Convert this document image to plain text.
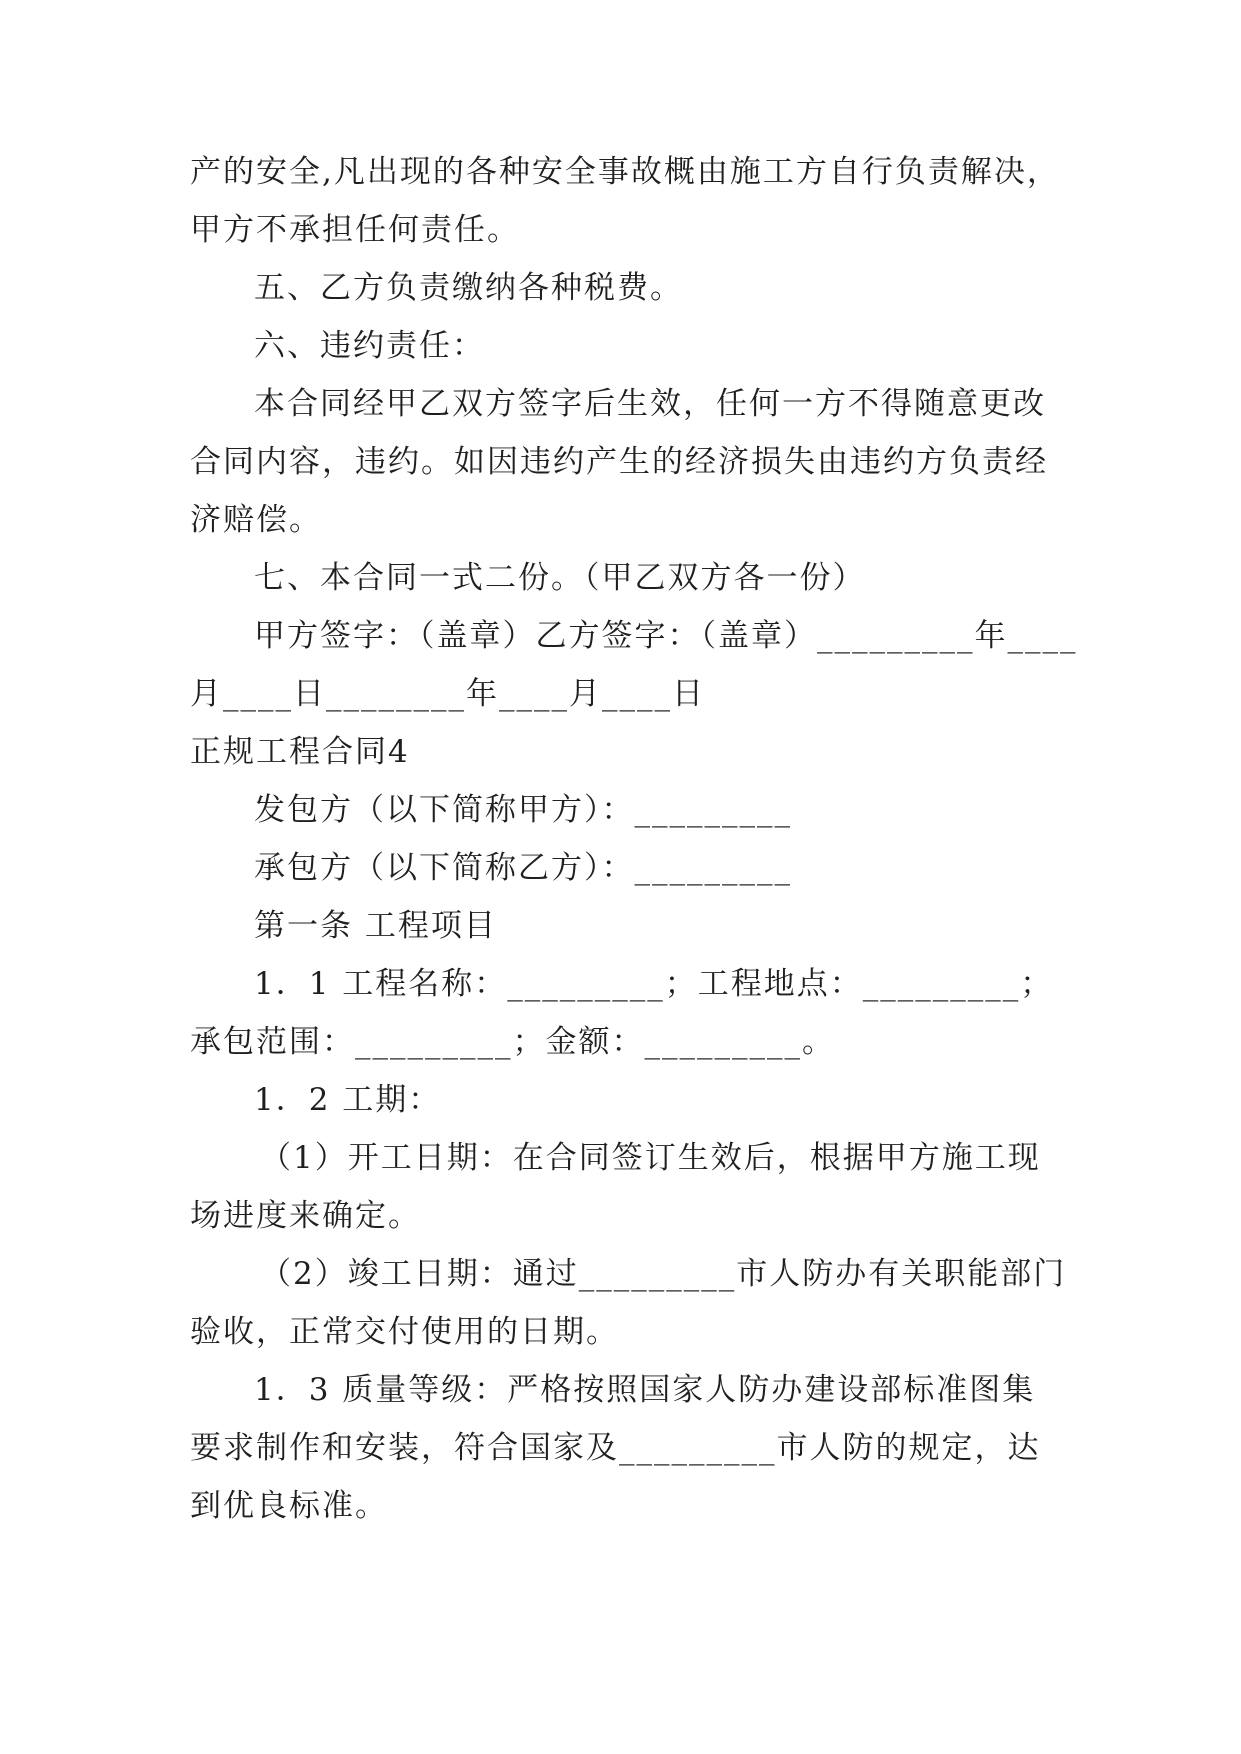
产的安全,凡出现的各种安全事故概由施工方自行负责解决，
甲方不承担任何责任。
五、乙方负责缴纳各种税费。
六、违约责任：
本合同经甲乙双方签字后生效，任何一方不得随意更改
合同内容，违约。如因违约产生的经济损失由违约方负责经
济赔偿。
七、本合同一式二份。（甲乙双方各一份）
甲方签字：（盖章）乙方签字：（盖章）_________年____
月____日________年____月____日
正规工程合同4
发包方（以下简称甲方）：_________
承包方（以下简称乙方）：_________
第一条 工程项目
1．1 工程名称：_________；工程地点：_________；
承包范围：_________；金额：_________。
1．2 工期：
（1）开工日期：在合同签订生效后，根据甲方施工现
场进度来确定。
（2）竣工日期：通过_________市人防办有关职能部门
验收，正常交付使用的日期。
1．3 质量等级：严格按照国家人防办建设部标准图集
要求制作和安装，符合国家及_________市人防的规定，达
到优良标准。
